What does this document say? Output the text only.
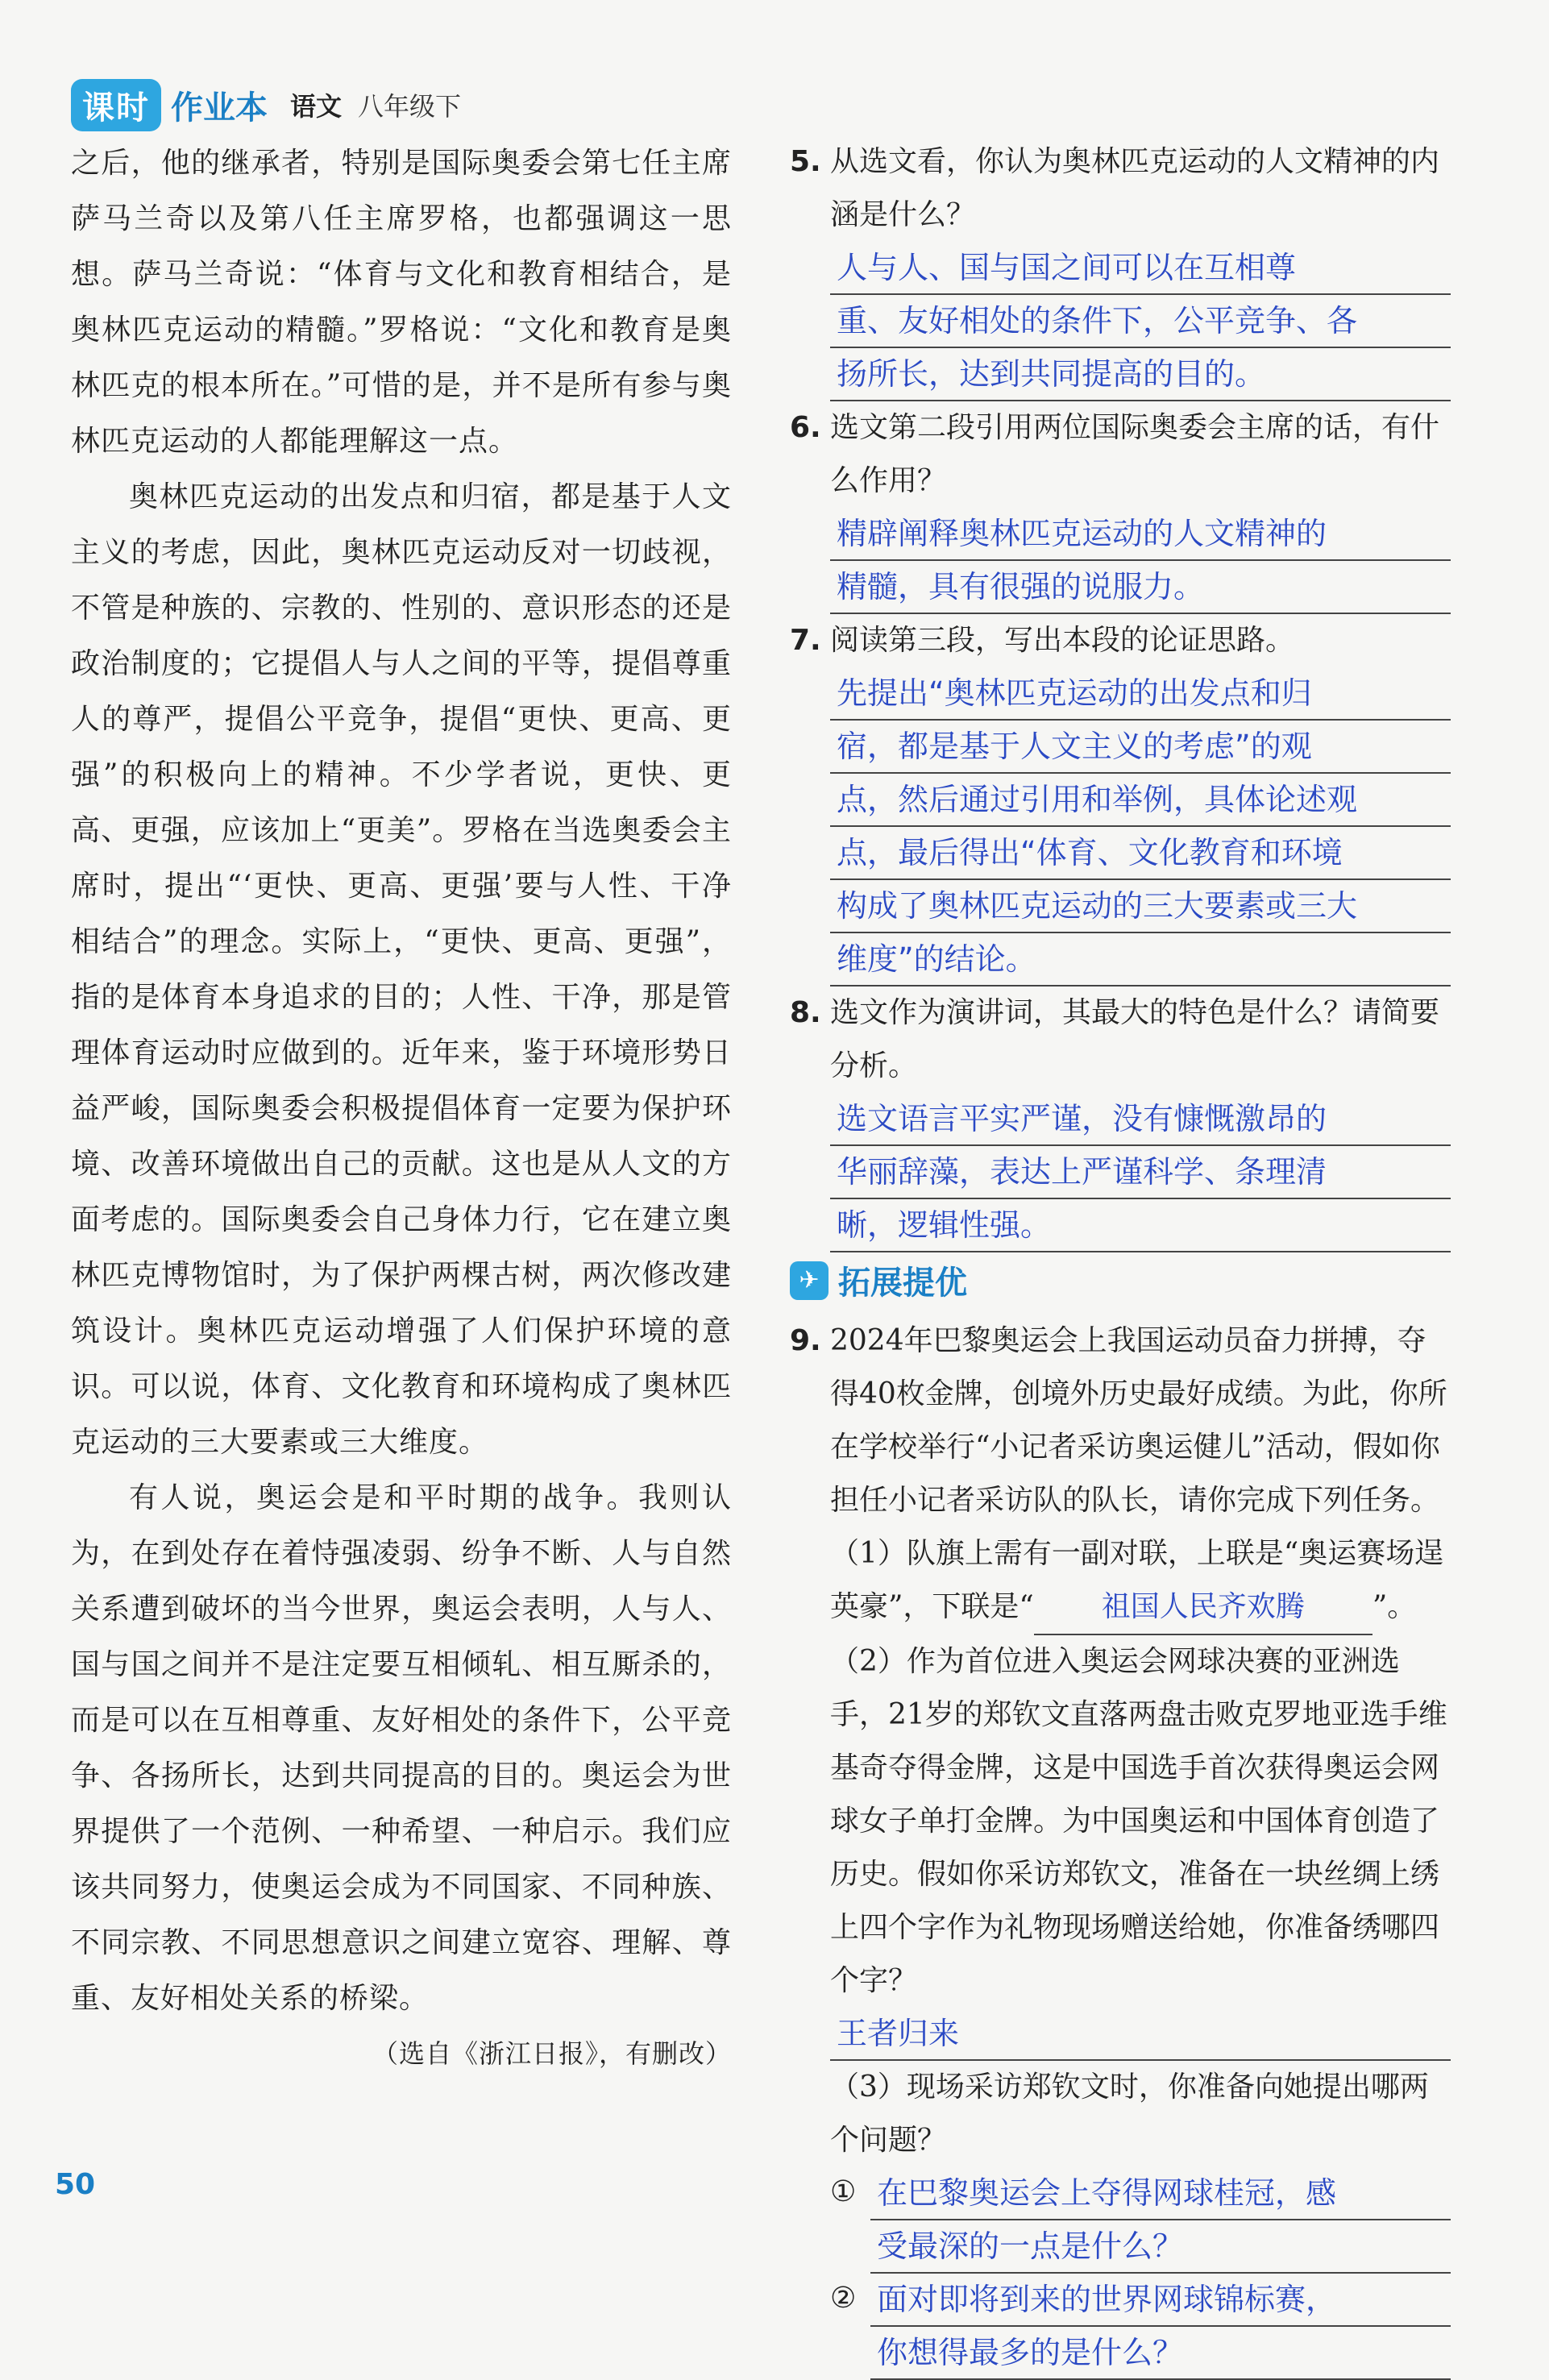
课时 作业本 语文 八年级下

之后，他的继承者，特别是国际奥委会第七任主席萨马兰奇以及第八任主席罗格，也都强调这一思想。萨马兰奇说：“体育与文化和教育相结合，是奥林匹克运动的精髓。”罗格说：“文化和教育是奥林匹克的根本所在。”可惜的是，并不是所有参与奥林匹克运动的人都能理解这一点。

奥林匹克运动的出发点和归宿，都是基于人文主义的考虑，因此，奥林匹克运动反对一切歧视，不管是种族的、宗教的、性别的、意识形态的还是政治制度的；它提倡人与人之间的平等，提倡尊重人的尊严，提倡公平竞争，提倡“更快、更高、更强”的积极向上的精神。不少学者说，更快、更高、更强，应该加上“更美”。罗格在当选奥委会主席时，提出“‘更快、更高、更强’要与人性、干净相结合”的理念。实际上，“更快、更高、更强”，指的是体育本身追求的目的；人性、干净，那是管理体育运动时应做到的。近年来，鉴于环境形势日益严峻，国际奥委会积极提倡体育一定要为保护环境、改善环境做出自己的贡献。这也是从人文的方面考虑的。国际奥委会自己身体力行，它在建立奥林匹克博物馆时，为了保护两棵古树，两次修改建筑设计。奥林匹克运动增强了人们保护环境的意识。可以说，体育、文化教育和环境构成了奥林匹克运动的三大要素或三大维度。

有人说，奥运会是和平时期的战争。我则认为，在到处存在着恃强凌弱、纷争不断、人与自然关系遭到破坏的当今世界，奥运会表明，人与人、国与国之间并不是注定要互相倾轧、相互厮杀的，而是可以在互相尊重、友好相处的条件下，公平竞争、各扬所长，达到共同提高的目的。奥运会为世界提供了一个范例、一种希望、一种启示。我们应该共同努力，使奥运会成为不同国家、不同种族、不同宗教、不同思想意识之间建立宽容、理解、尊重、友好相处关系的桥梁。

（选自《浙江日报》，有删改）

5. 从选文看，你认为奥林匹克运动的人文精神的内涵是什么？
人与人、国与国之间可以在互相尊
重、友好相处的条件下，公平竞争、各
扬所长，达到共同提高的目的。
6. 选文第二段引用两位国际奥委会主席的话，有什么作用？
精辟阐释奥林匹克运动的人文精神的
精髓，具有很强的说服力。
7. 阅读第三段，写出本段的论证思路。
先提出“奥林匹克运动的出发点和归
宿，都是基于人文主义的考虑”的观
点，然后通过引用和举例，具体论述观
点，最后得出“体育、文化教育和环境
构成了奥林匹克运动的三大要素或三大
维度”的结论。
8. 选文作为演讲词，其最大的特色是什么？请简要分析。
选文语言平实严谨，没有慷慨激昂的
华丽辞藻，表达上严谨科学、条理清
晰，逻辑性强。
✈ 拓展提优
9. 2024年巴黎奥运会上我国运动员奋力拼搏，夺得40枚金牌，创境外历史最好成绩。为此，你所在学校举行“小记者采访奥运健儿”活动，假如你担任小记者采访队的队长，请你完成下列任务。
（1）队旗上需有一副对联，上联是“奥运赛场逞英豪”，下联是“ 祖国人民齐欢腾 ”。
（2）作为首位进入奥运会网球决赛的亚洲选手，21岁的郑钦文直落两盘击败克罗地亚选手维基奇夺得金牌，这是中国选手首次获得奥运会网球女子单打金牌。为中国奥运和中国体育创造了历史。假如你采访郑钦文，准备在一块丝绸上绣上四个字作为礼物现场赠送给她，你准备绣哪四个字？
王者归来
（3）现场采访郑钦文时，你准备向她提出哪两个问题？
① 在巴黎奥运会上夺得网球桂冠，感
受最深的一点是什么？
② 面对即将到来的世界网球锦标赛，
你想得最多的是什么？
50
